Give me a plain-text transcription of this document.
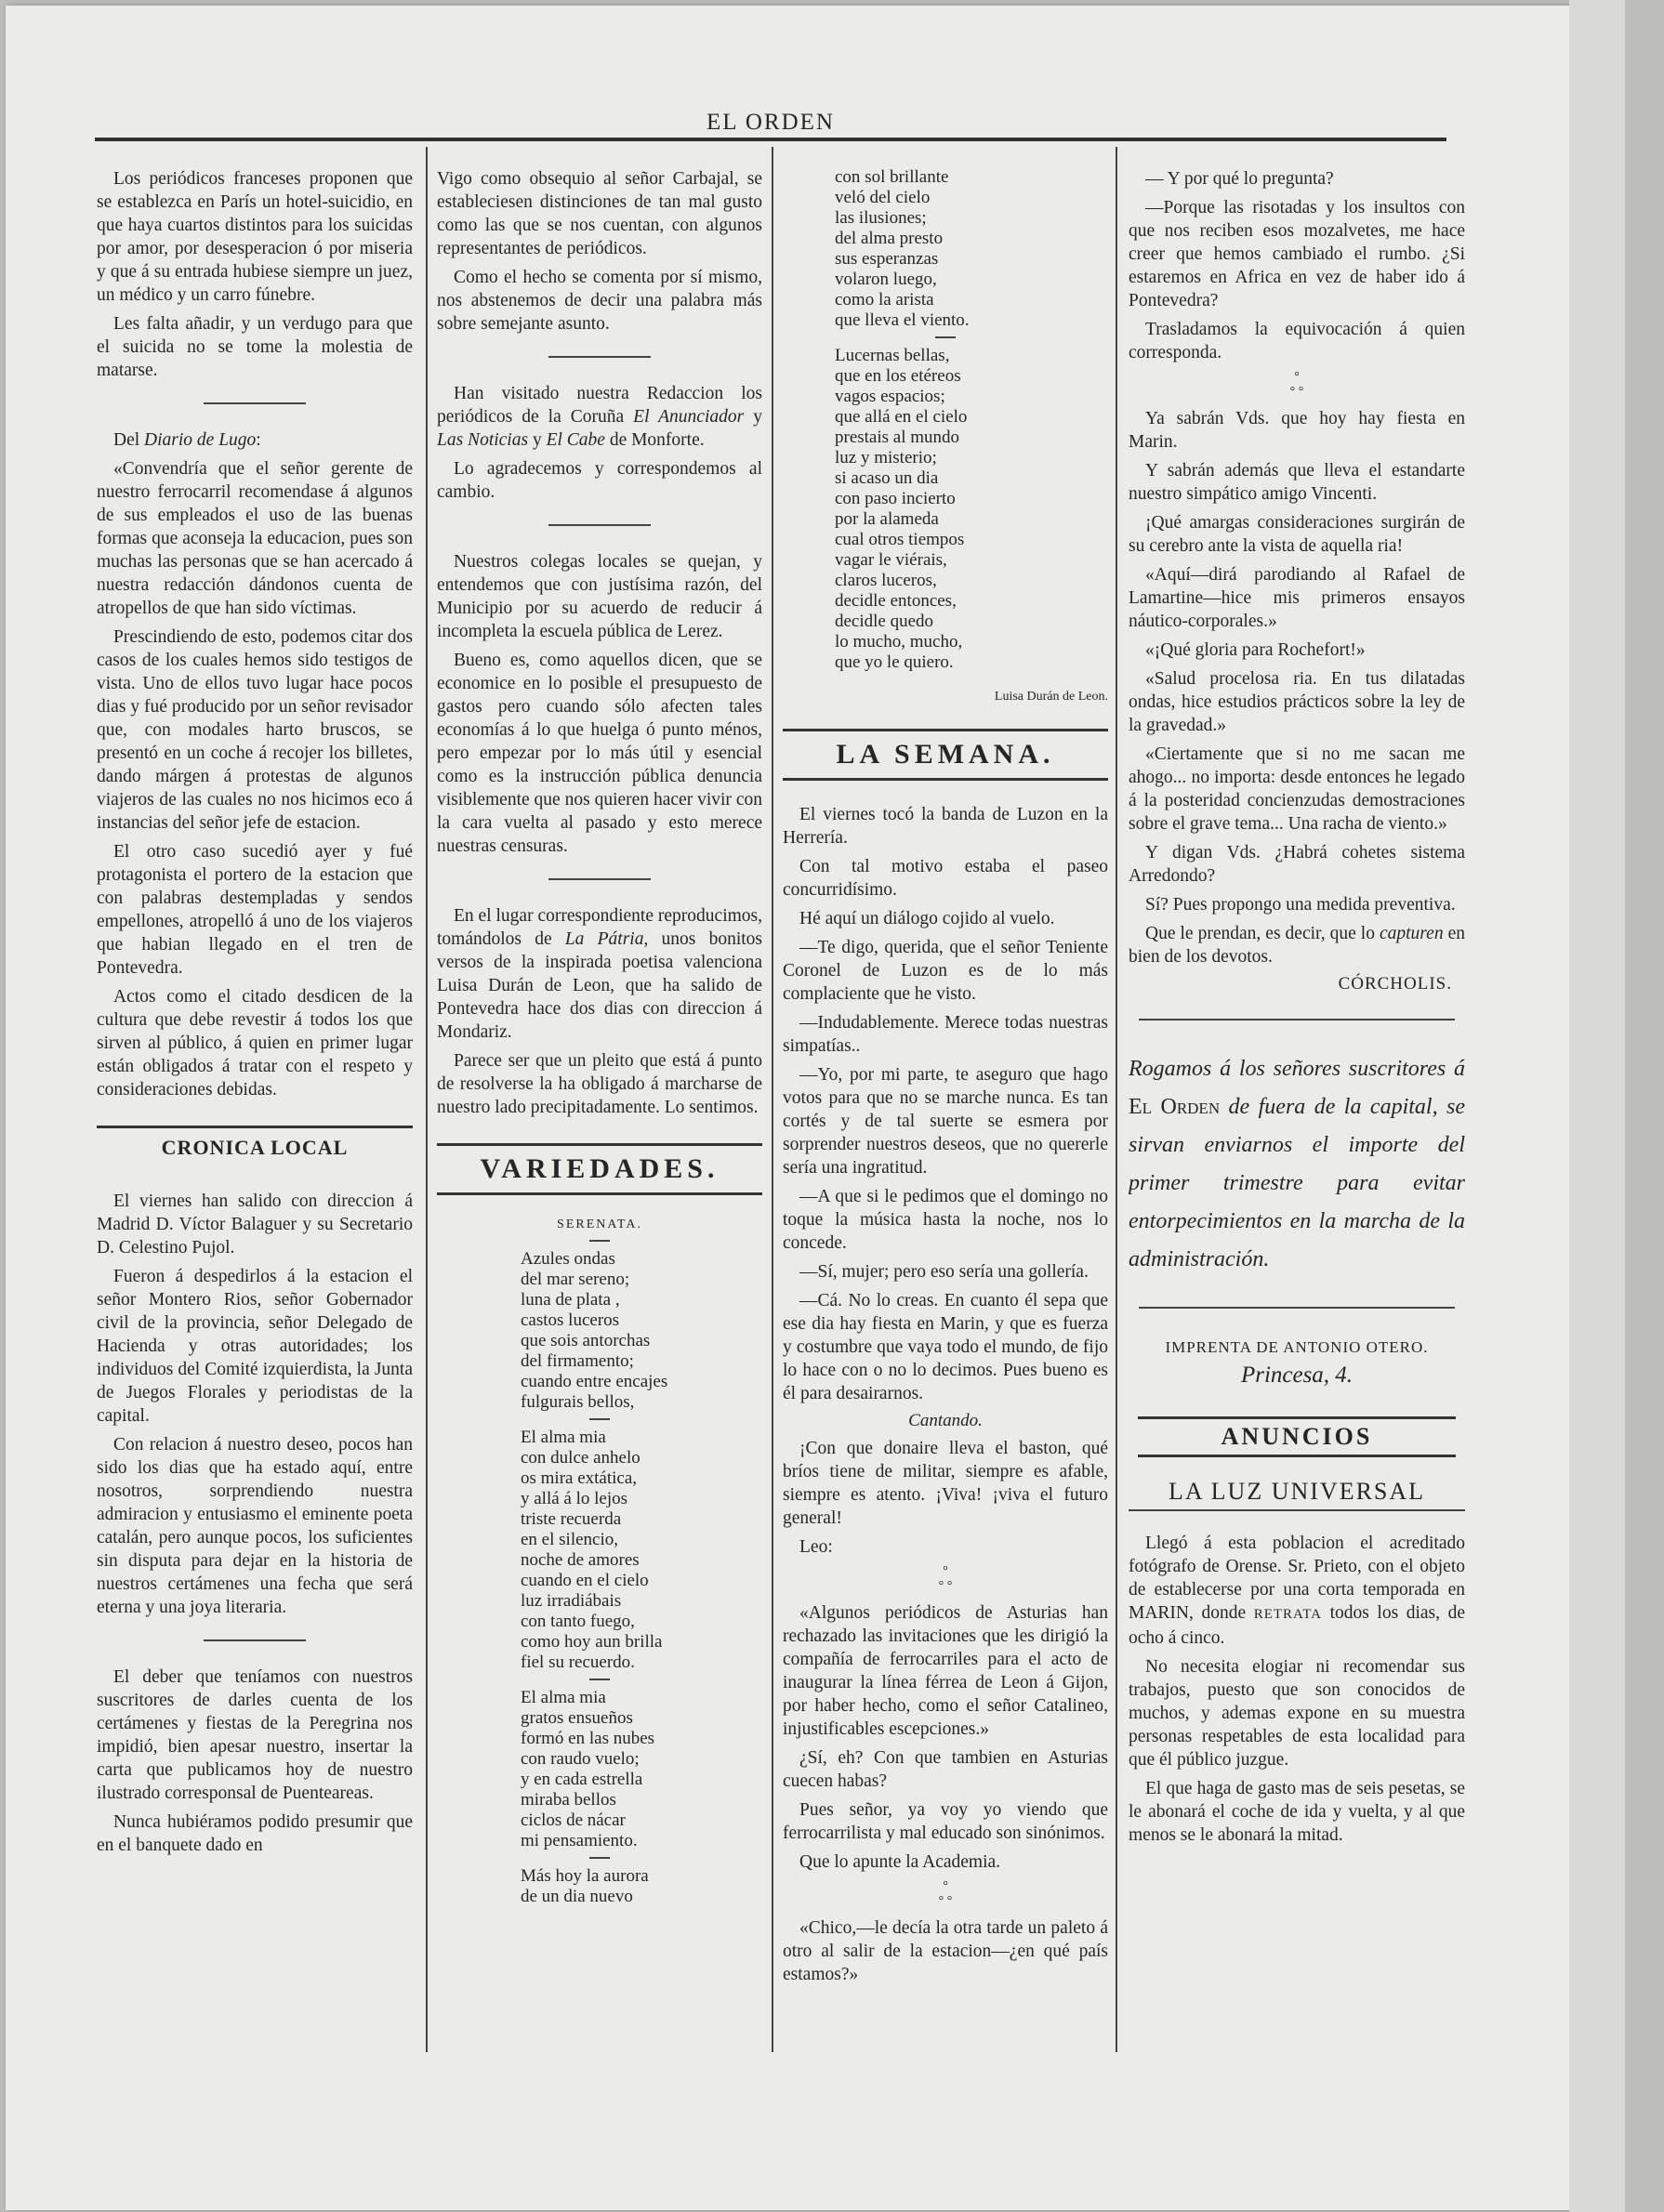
EL ORDEN

Los periódicos franceses proponen que se establezca en París un hotel-suicidio, en que haya cuartos distintos para los suicidas por amor, por desesperacion ó por miseria y que á su entrada hubiese siempre un juez, un médico y un carro fúnebre.

Les falta añadir, y un verdugo para que el suicida no se tome la molestia de matarse.

Del Diario de Lugo:

«Convendría que el señor gerente de nuestro ferrocarril recomendase á algunos de sus empleados el uso de las buenas formas que aconseja la educacion, pues son muchas las personas que se han acercado á nuestra redacción dándonos cuenta de atropellos de que han sido víctimas.

Prescindiendo de esto, podemos citar dos casos de los cuales hemos sido testigos de vista. Uno de ellos tuvo lugar hace pocos dias y fué producido por un señor revisador que, con modales harto bruscos, se presentó en un coche á recojer los billetes, dando márgen á protestas de algunos viajeros de las cuales no nos hicimos eco á instancias del señor jefe de estacion.

El otro caso sucedió ayer y fué protagonista el portero de la estacion que con palabras destempladas y sendos empellones, atropelló á uno de los viajeros que habian llegado en el tren de Pontevedra.

Actos como el citado desdicen de la cultura que debe revestir á todos los que sirven al público, á quien en primer lugar están obligados á tratar con el respeto y consideraciones debidas.

CRONICA LOCAL

El viernes han salido con direccion á Madrid D. Víctor Balaguer y su Secretario D. Celestino Pujol.

Fueron á despedirlos á la estacion el señor Montero Rios, señor Gobernador civil de la provincia, señor Delegado de Hacienda y otras autoridades; los individuos del Comité izquierdista, la Junta de Juegos Florales y periodistas de la capital.

Con relacion á nuestro deseo, pocos han sido los dias que ha estado aquí, entre nosotros, sorprendiendo nuestra admiracion y entusiasmo el eminente poeta catalán, pero aunque pocos, los suficientes sin disputa para dejar en la historia de nuestros certámenes una fecha que será eterna y una joya literaria.

El deber que teníamos con nuestros suscritores de darles cuenta de los certámenes y fiestas de la Peregrina nos impidió, bien apesar nuestro, insertar la carta que publicamos hoy de nuestro ilustrado corresponsal de Puenteareas.

Nunca hubiéramos podido presumir que en el banquete dado en

Vigo como obsequio al señor Carbajal, se estableciesen distinciones de tan mal gusto como las que se nos cuentan, con algunos representantes de periódicos.

Como el hecho se comenta por sí mismo, nos abstenemos de decir una palabra más sobre semejante asunto.

Han visitado nuestra Redaccion los periódicos de la Coruña El Anunciador y Las Noticias y El Cabe de Monforte.

Lo agradecemos y correspondemos al cambio.

Nuestros colegas locales se quejan, y entendemos que con justísima razón, del Municipio por su acuerdo de reducir á incompleta la escuela pública de Lerez.

Bueno es, como aquellos dicen, que se economice en lo posible el presupuesto de gastos pero cuando sólo afecten tales economías á lo que huelga ó punto ménos, pero empezar por lo más útil y esencial como es la instrucción pública denuncia visiblemente que nos quieren hacer vivir con la cara vuelta al pasado y esto merece nuestras censuras.

En el lugar correspondiente reproducimos, tomándolos de La Pátria, unos bonitos versos de la inspirada poetisa valenciona Luisa Durán de Leon, que ha salido de Pontevedra hace dos dias con direccion á Mondariz.

Parece ser que un pleito que está á punto de resolverse la ha obligado á marcharse de nuestro lado precipitadamente. Lo sentimos.

VARIEDADES.
SERENATA.
Azules ondas
del mar sereno;
luna de plata ,
castos luceros
que sois antorchas
del firmamento;
cuando entre encajes
fulgurais bellos,
El alma mia
con dulce anhelo
os mira extática,
y allá á lo lejos
triste recuerda
en el silencio,
noche de amores
cuando en el cielo
luz irradiábais
con tanto fuego,
como hoy aun brilla
fiel su recuerdo.
El alma mia
gratos ensueños
formó en las nubes
con raudo vuelo;
y en cada estrella
miraba bellos
ciclos de nácar
mi pensamiento.
Más hoy la aurora
de un dia nuevo
con sol brillante
veló del cielo
las ilusiones;
del alma presto
sus esperanzas
volaron luego,
como la arista
que lleva el viento.
Lucernas bellas,
que en los etéreos
vagos espacios;
que allá en el cielo
prestais al mundo
luz y misterio;
si acaso un dia
con paso incierto
por la alameda
cual otros tiempos
vagar le viérais,
claros luceros,
decidle entonces,
decidle quedo
lo mucho, mucho,
que yo le quiero.
Luisa Durán de Leon.
LA SEMANA.

El viernes tocó la banda de Luzon en la Herrería.

Con tal motivo estaba el paseo concurridísimo.

Hé aquí un diálogo cojido al vuelo.

—Te digo, querida, que el señor Teniente Coronel de Luzon es de lo más complaciente que he visto.

—Indudablemente. Merece todas nuestras simpatías..

—Yo, por mi parte, te aseguro que hago votos para que no se marche nunca. Es tan cortés y de tal suerte se esmera por sorprender nuestros deseos, que no quererle sería una ingratitud.

—A que si le pedimos que el domingo no toque la música hasta la noche, nos lo concede.

—Sí, mujer; pero eso sería una gollería.

—Cá. No lo creas. En cuanto él sepa que ese dia hay fiesta en Marin, y que es fuerza y costumbre que vaya todo el mundo, de fijo lo hace con o no lo decimos. Pues bueno es él para desairarnos.

Cantando.

¡Con que donaire lleva el baston, qué bríos tiene de militar, siempre es afable, siempre es atento. ¡Viva! ¡viva el futuro general!

Leo:

°
° °

«Algunos periódicos de Asturias han rechazado las invitaciones que les dirigió la compañía de ferrocarriles para el acto de inaugurar la línea férrea de Leon á Gijon, por haber hecho, como el señor Catalineo, injustificables escepciones.»

¿Sí, eh? Con que tambien en Asturias cuecen habas?

Pues señor, ya voy yo viendo que ferrocarrilista y mal educado son sinónimos.

Que lo apunte la Academia.

°
° °

«Chico,—le decía la otra tarde un paleto á otro al salir de la estacion—¿en qué país estamos?»

— Y por qué lo pregunta?

—Porque las risotadas y los insultos con que nos reciben esos mozalvetes, me hace creer que hemos cambiado el rumbo. ¿Si estaremos en Africa en vez de haber ido á Pontevedra?

Trasladamos la equivocación á quien corresponda.

°
° °

Ya sabrán Vds. que hoy hay fiesta en Marin.

Y sabrán además que lleva el estandarte nuestro simpático amigo Vincenti.

¡Qué amargas consideraciones surgirán de su cerebro ante la vista de aquella ria!

«Aquí—dirá parodiando al Rafael de Lamartine—hice mis primeros ensayos náutico-corporales.»

«¡Qué gloria para Rochefort!»

«Salud procelosa ria. En tus dilatadas ondas, hice estudios prácticos sobre la ley de la gravedad.»

«Ciertamente que si no me sacan me ahogo... no importa: desde entonces he legado á la posteridad concienzudas demostraciones sobre el grave tema... Una racha de viento.»

Y digan Vds. ¿Habrá cohetes sistema Arredondo?

Sí? Pues propongo una medida preventiva.

Que le prendan, es decir, que lo capturen en bien de los devotos.

CÓRCHOLIS.
Rogamos á los señores suscritores á El Orden de fuera de la capital, se sirvan enviarnos el importe del primer trimestre para evitar entorpecimientos en la marcha de la administración.
IMPRENTA DE ANTONIO OTERO.
Princesa, 4.
ANUNCIOS
LA LUZ UNIVERSAL

Llegó á esta poblacion el acreditado fotógrafo de Orense. Sr. Prieto, con el objeto de establecerse por una corta temporada en MARIN, donde RETRATA todos los dias, de ocho á cinco.

No necesita elogiar ni recomendar sus trabajos, puesto que son conocidos de muchos, y ademas expone en su muestra personas respetables de esta localidad para que él público juzgue.

El que haga de gasto mas de seis pesetas, se le abonará el coche de ida y vuelta, y al que menos se le abonará la mitad.
